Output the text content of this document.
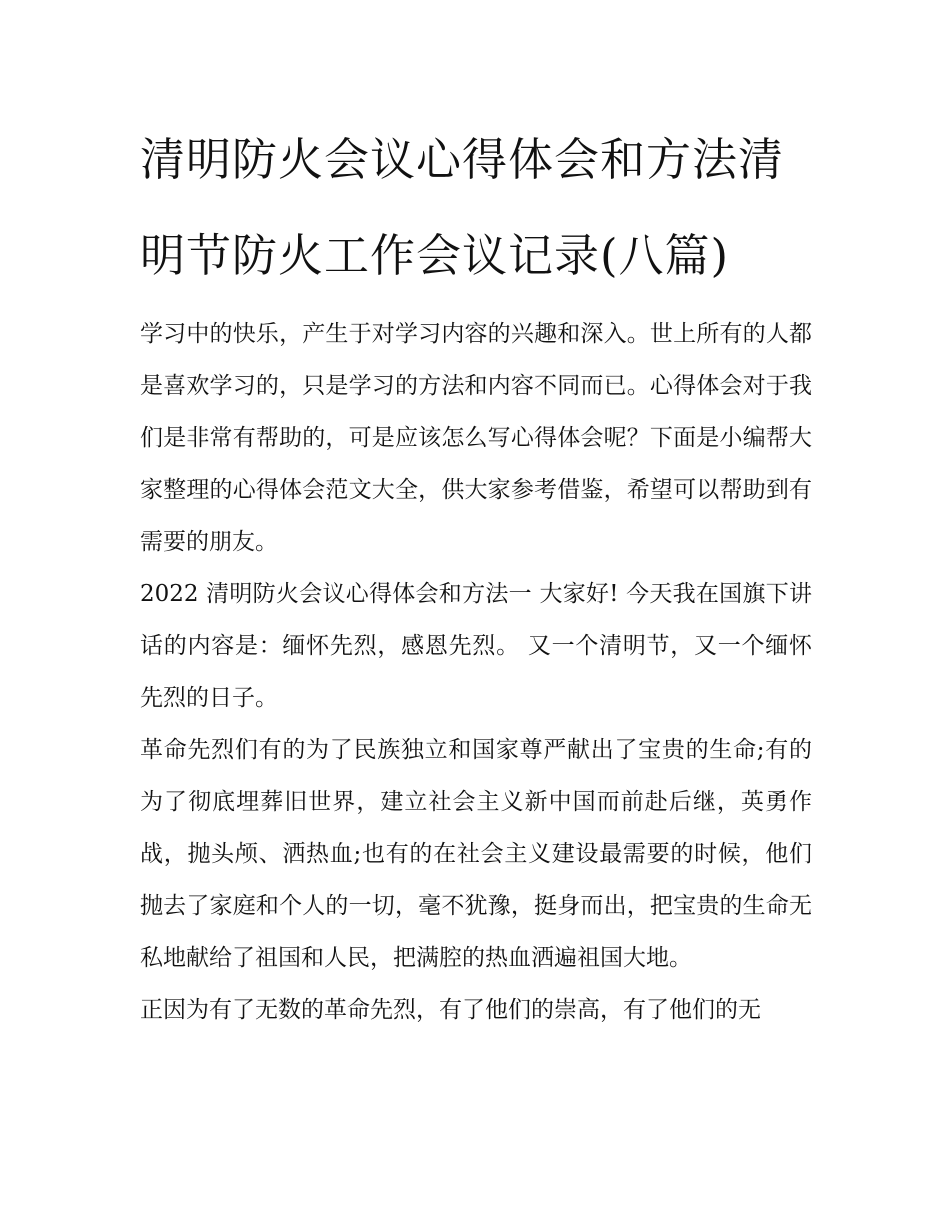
清明防火会议心得体会和方法清明节防火工作会议记录(八篇)

学习中的快乐，产生于对学习内容的兴趣和深入。世上所有的人都是喜欢学习的，只是学习的方法和内容不同而已。心得体会对于我们是非常有帮助的，可是应该怎么写心得体会呢？下面是小编帮大家整理的心得体会范文大全，供大家参考借鉴，希望可以帮助到有需要的朋友。

2022 清明防火会议心得体会和方法一 大家好! 今天我在国旗下讲话的内容是：缅怀先烈，感恩先烈。 又一个清明节，又一个缅怀先烈的日子。

革命先烈们有的为了民族独立和国家尊严献出了宝贵的生命;有的为了彻底埋葬旧世界，建立社会主义新中国而前赴后继，英勇作战，抛头颅、洒热血;也有的在社会主义建设最需要的时候，他们抛去了家庭和个人的一切，毫不犹豫，挺身而出，把宝贵的生命无私地献给了祖国和人民，把满腔的热血洒遍祖国大地。

正因为有了无数的革命先烈，有了他们的崇高，有了他们的无
